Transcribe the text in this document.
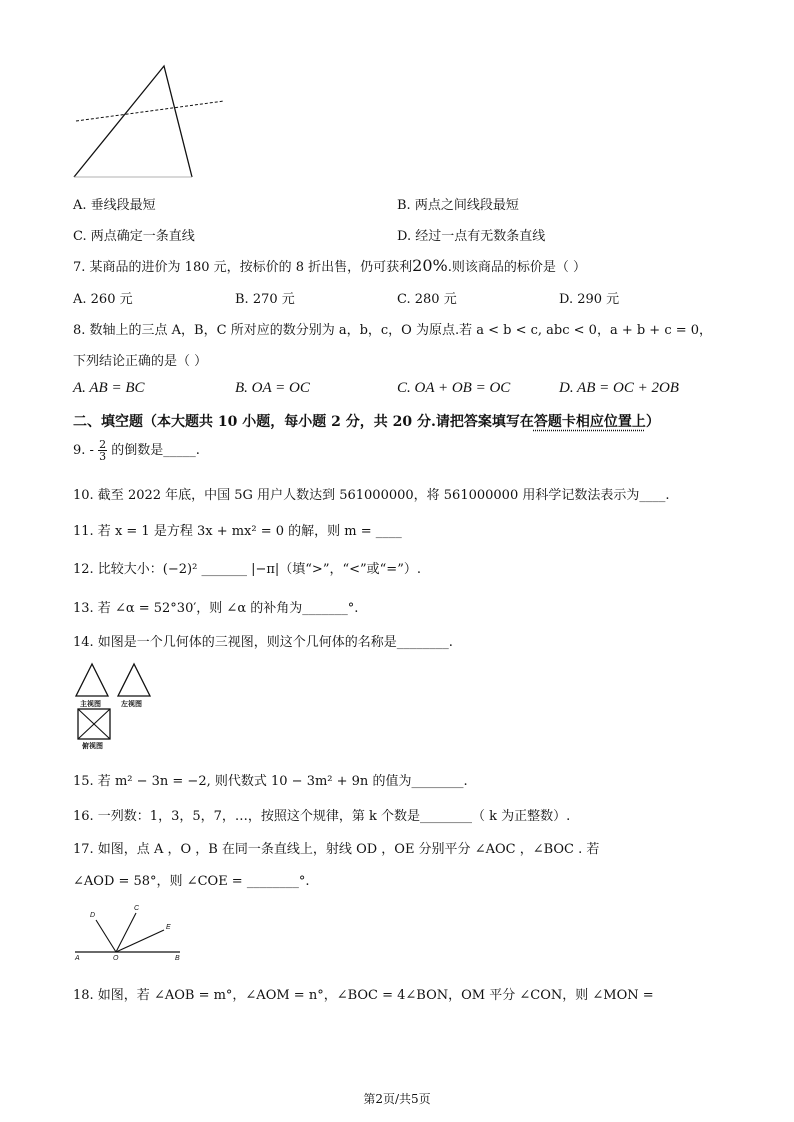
A. 垂线段最短	B. 两点之间线段最短
C. 两点确定一条直线	D. 经过一点有无数条直线
7. 某商品的进价为 180 元，按标价的 8 折出售，仍可获利20%.则该商品的标价是（ ）
A. 260 元	B. 270 元	C. 280 元	D. 290 元
8. 数轴上的三点 A，B，C 所对应的数分别为 a，b，c，O 为原点.若 a < b < c, abc < 0，a + b + c = 0，
下列结论正确的是（ ）
A. AB = BC	B. OA = OC	C. OA + OB = OC	D. AB = OC + 2OB
二、填空题（本大题共 10 小题，每小题 2 分，共 20 分.请把答案填写在答题卡相应位置上）
9. - $\frac{2}{3}$ 的倒数是_____.
10. 截至 2022 年底，中国 5G 用户人数达到 561000000，将 561000000 用科学记数法表示为____.
11. 若 x = 1 是方程 3x + mx² = 0 的解，则 m = ____
12. 比较大小：(−2)² _______ |−π|（填“>”，“<”或“=”）.
13. 若 ∠α = 52°30′，则 ∠α 的补角为_______°.
14. 如图是一个几何体的三视图，则这个几何体的名称是________.
主视图	左视图
俯视图
15. 若 m² − 3n = −2, 则代数式 10 − 3m² + 9n 的值为________.
16. 一列数：1，3，5，7，…，按照这个规律，第 k 个数是________（ k 为正整数）.
17. 如图，点 A ，O ，B 在同一条直线上，射线 OD ，OE 分别平分 ∠AOC ，∠BOC . 若
∠AOD = 58°，则 ∠COE = ________°.
A	O	B
C
D
E
18. 如图，若 ∠AOB = m°，∠AOM = n°，∠BOC = 4∠BON，OM 平分 ∠CON，则 ∠MON =
第2页/共5页
